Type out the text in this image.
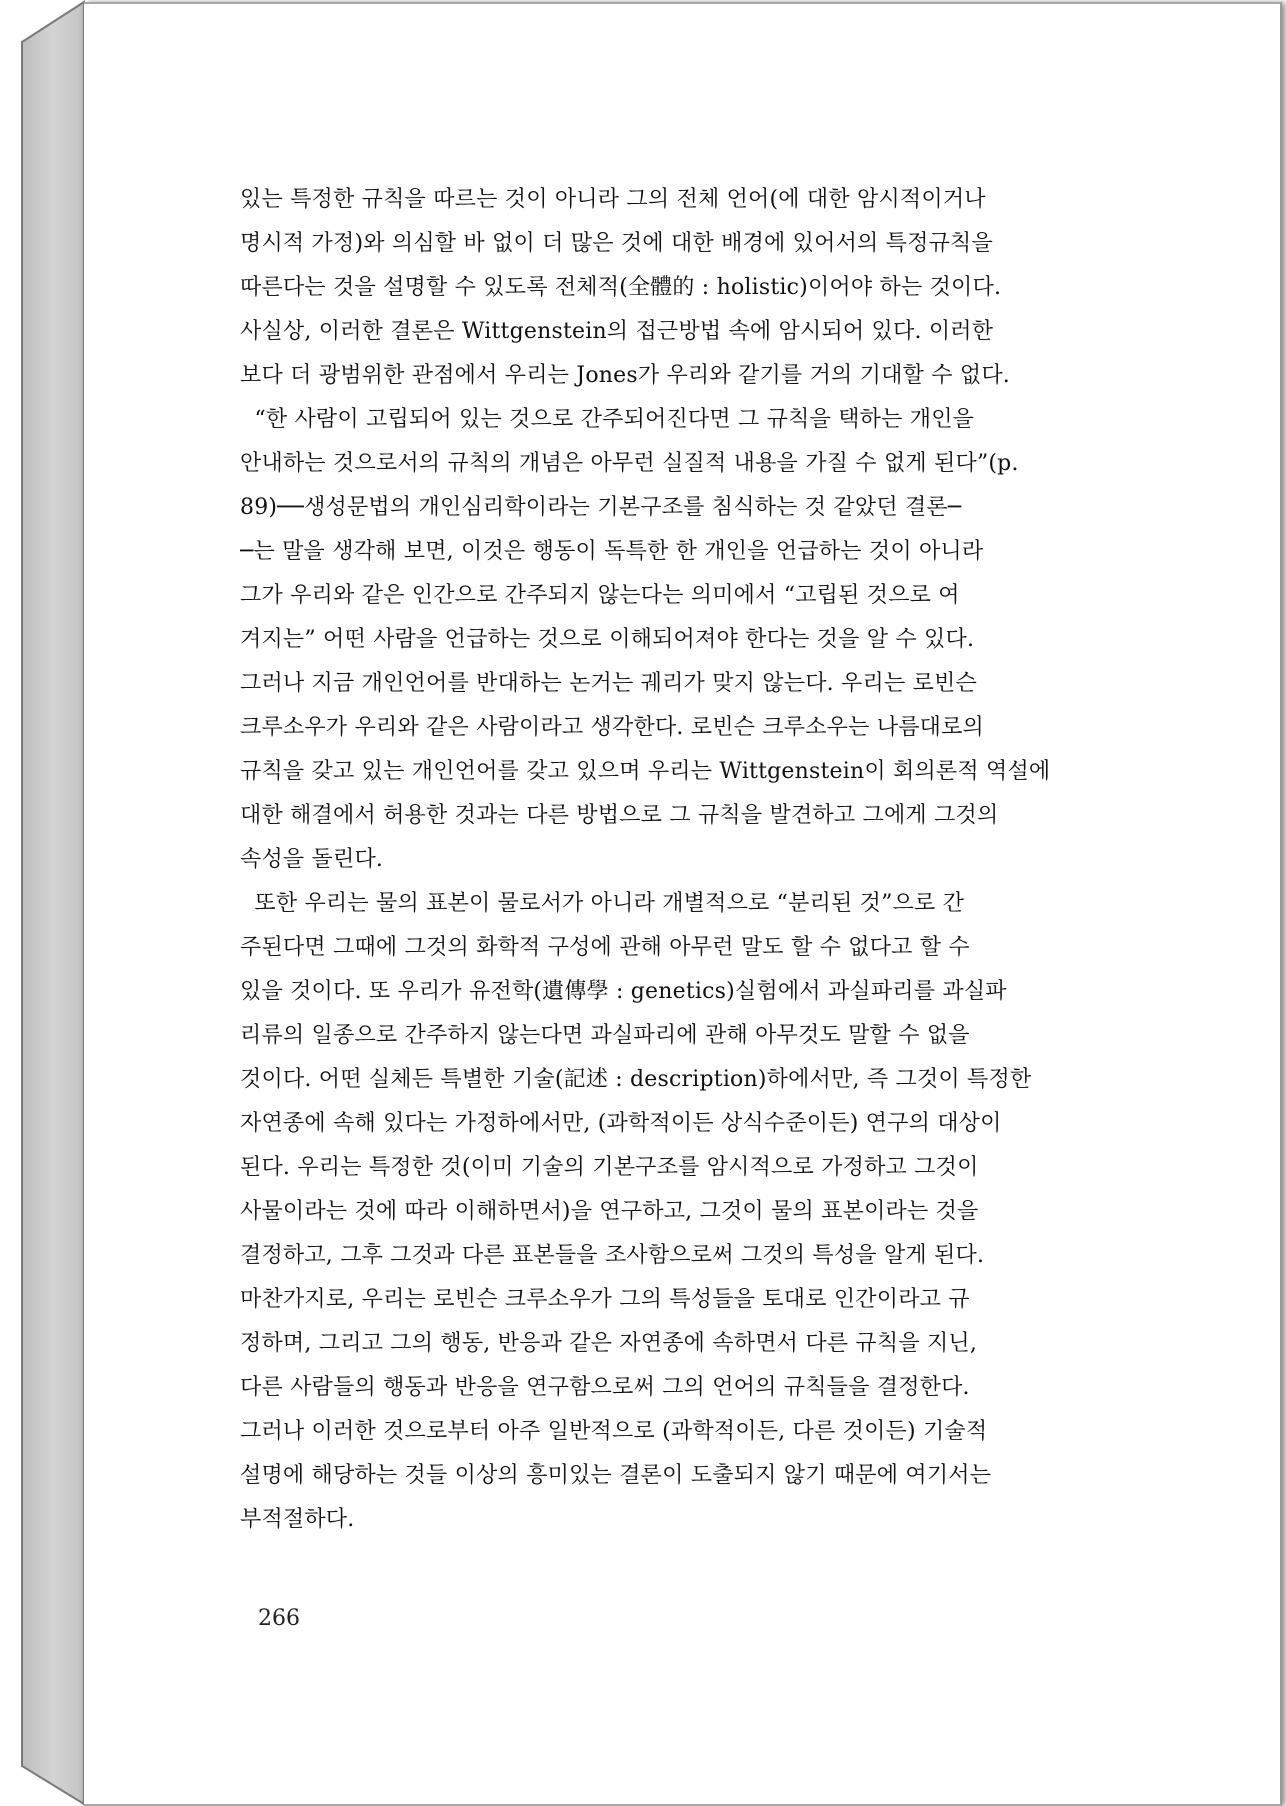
있는 특정한 규칙을 따르는 것이 아니라 그의 전체 언어(에 대한 암시적이거나
명시적 가정)와 의심할 바 없이 더 많은 것에 대한 배경에 있어서의 특정규칙을
따른다는 것을 설명할 수 있도록 전체적(全體的 : holistic)이어야 하는 것이다.
사실상, 이러한 결론은 Wittgenstein의 접근방법 속에 암시되어 있다. 이러한
보다 더 광범위한 관점에서 우리는 Jones가 우리와 같기를 거의 기대할 수 없다.
“한 사람이 고립되어 있는 것으로 간주되어진다면 그 규칙을 택하는 개인을
안내하는 것으로서의 규칙의 개념은 아무런 실질적 내용을 가질 수 없게 된다”(p.
89)──생성문법의 개인심리학이라는 기본구조를 침식하는 것 같았던 결론─
─는 말을 생각해 보면, 이것은 행동이 독특한 한 개인을 언급하는 것이 아니라
그가 우리와 같은 인간으로 간주되지 않는다는 의미에서 “고립된 것으로 여
겨지는” 어떤 사람을 언급하는 것으로 이해되어져야 한다는 것을 알 수 있다.
그러나 지금 개인언어를 반대하는 논거는 궤리가 맞지 않는다. 우리는 로빈슨
크루소우가 우리와 같은 사람이라고 생각한다. 로빈슨 크루소우는 나름대로의
규칙을 갖고 있는 개인언어를 갖고 있으며 우리는 Wittgenstein이 회의론적 역설에
대한 해결에서 허용한 것과는 다른 방법으로 그 규칙을 발견하고 그에게 그것의
속성을 돌린다.
또한 우리는 물의 표본이 물로서가 아니라 개별적으로 “분리된 것”으로 간
주된다면 그때에 그것의 화학적 구성에 관해 아무런 말도 할 수 없다고 할 수
있을 것이다. 또 우리가 유전학(遺傳學 : genetics)실험에서 과실파리를 과실파
리류의 일종으로 간주하지 않는다면 과실파리에 관해 아무것도 말할 수 없을
것이다. 어떤 실체든 특별한 기술(記述 : description)하에서만, 즉 그것이 특정한
자연종에 속해 있다는 가정하에서만, (과학적이든 상식수준이든) 연구의 대상이
된다. 우리는 특정한 것(이미 기술의 기본구조를 암시적으로 가정하고 그것이
사물이라는 것에 따라 이해하면서)을 연구하고, 그것이 물의 표본이라는 것을
결정하고, 그후 그것과 다른 표본들을 조사함으로써 그것의 특성을 알게 된다.
마찬가지로, 우리는 로빈슨 크루소우가 그의 특성들을 토대로 인간이라고 규
정하며, 그리고 그의 행동, 반응과 같은 자연종에 속하면서 다른 규칙을 지닌,
다른 사람들의 행동과 반응을 연구함으로써 그의 언어의 규칙들을 결정한다.
그러나 이러한 것으로부터 아주 일반적으로 (과학적이든, 다른 것이든) 기술적
설명에 해당하는 것들 이상의 흥미있는 결론이 도출되지 않기 때문에 여기서는
부적절하다.
266
